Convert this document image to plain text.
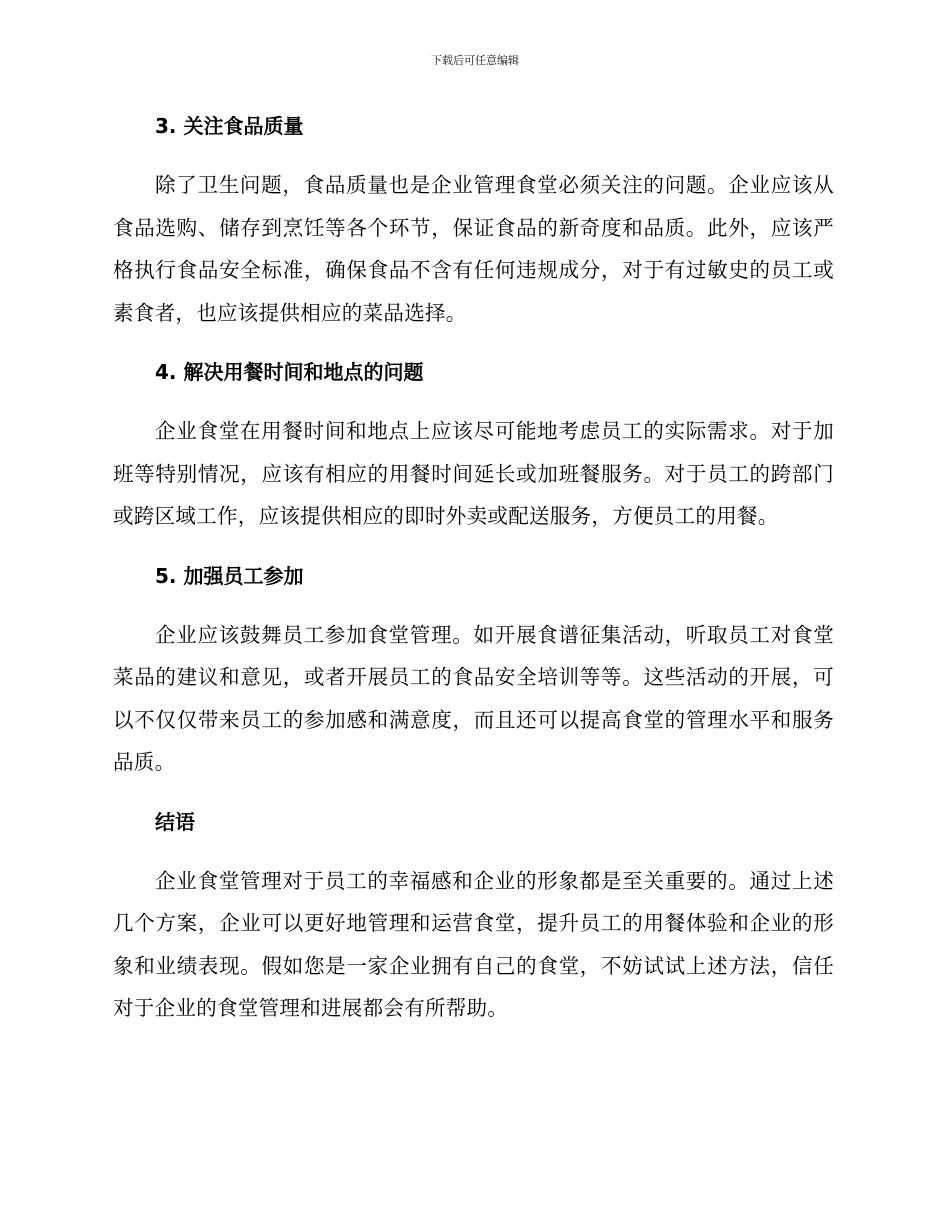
下载后可任意编辑
3. 关注食品质量
除了卫生问题，食品质量也是企业管理食堂必须关注的问题。企业应该从食品选购、储存到烹饪等各个环节，保证食品的新奇度和品质。此外，应该严格执行食品安全标准，确保食品不含有任何违规成分，对于有过敏史的员工或素食者，也应该提供相应的菜品选择。
4. 解决用餐时间和地点的问题
企业食堂在用餐时间和地点上应该尽可能地考虑员工的实际需求。对于加班等特别情况，应该有相应的用餐时间延长或加班餐服务。对于员工的跨部门或跨区域工作，应该提供相应的即时外卖或配送服务，方便员工的用餐。
5. 加强员工参加
企业应该鼓舞员工参加食堂管理。如开展食谱征集活动，听取员工对食堂菜品的建议和意见，或者开展员工的食品安全培训等等。这些活动的开展，可以不仅仅带来员工的参加感和满意度，而且还可以提高食堂的管理水平和服务品质。
结语
企业食堂管理对于员工的幸福感和企业的形象都是至关重要的。通过上述几个方案，企业可以更好地管理和运营食堂，提升员工的用餐体验和企业的形象和业绩表现。假如您是一家企业拥有自己的食堂，不妨试试上述方法，信任对于企业的食堂管理和进展都会有所帮助。
